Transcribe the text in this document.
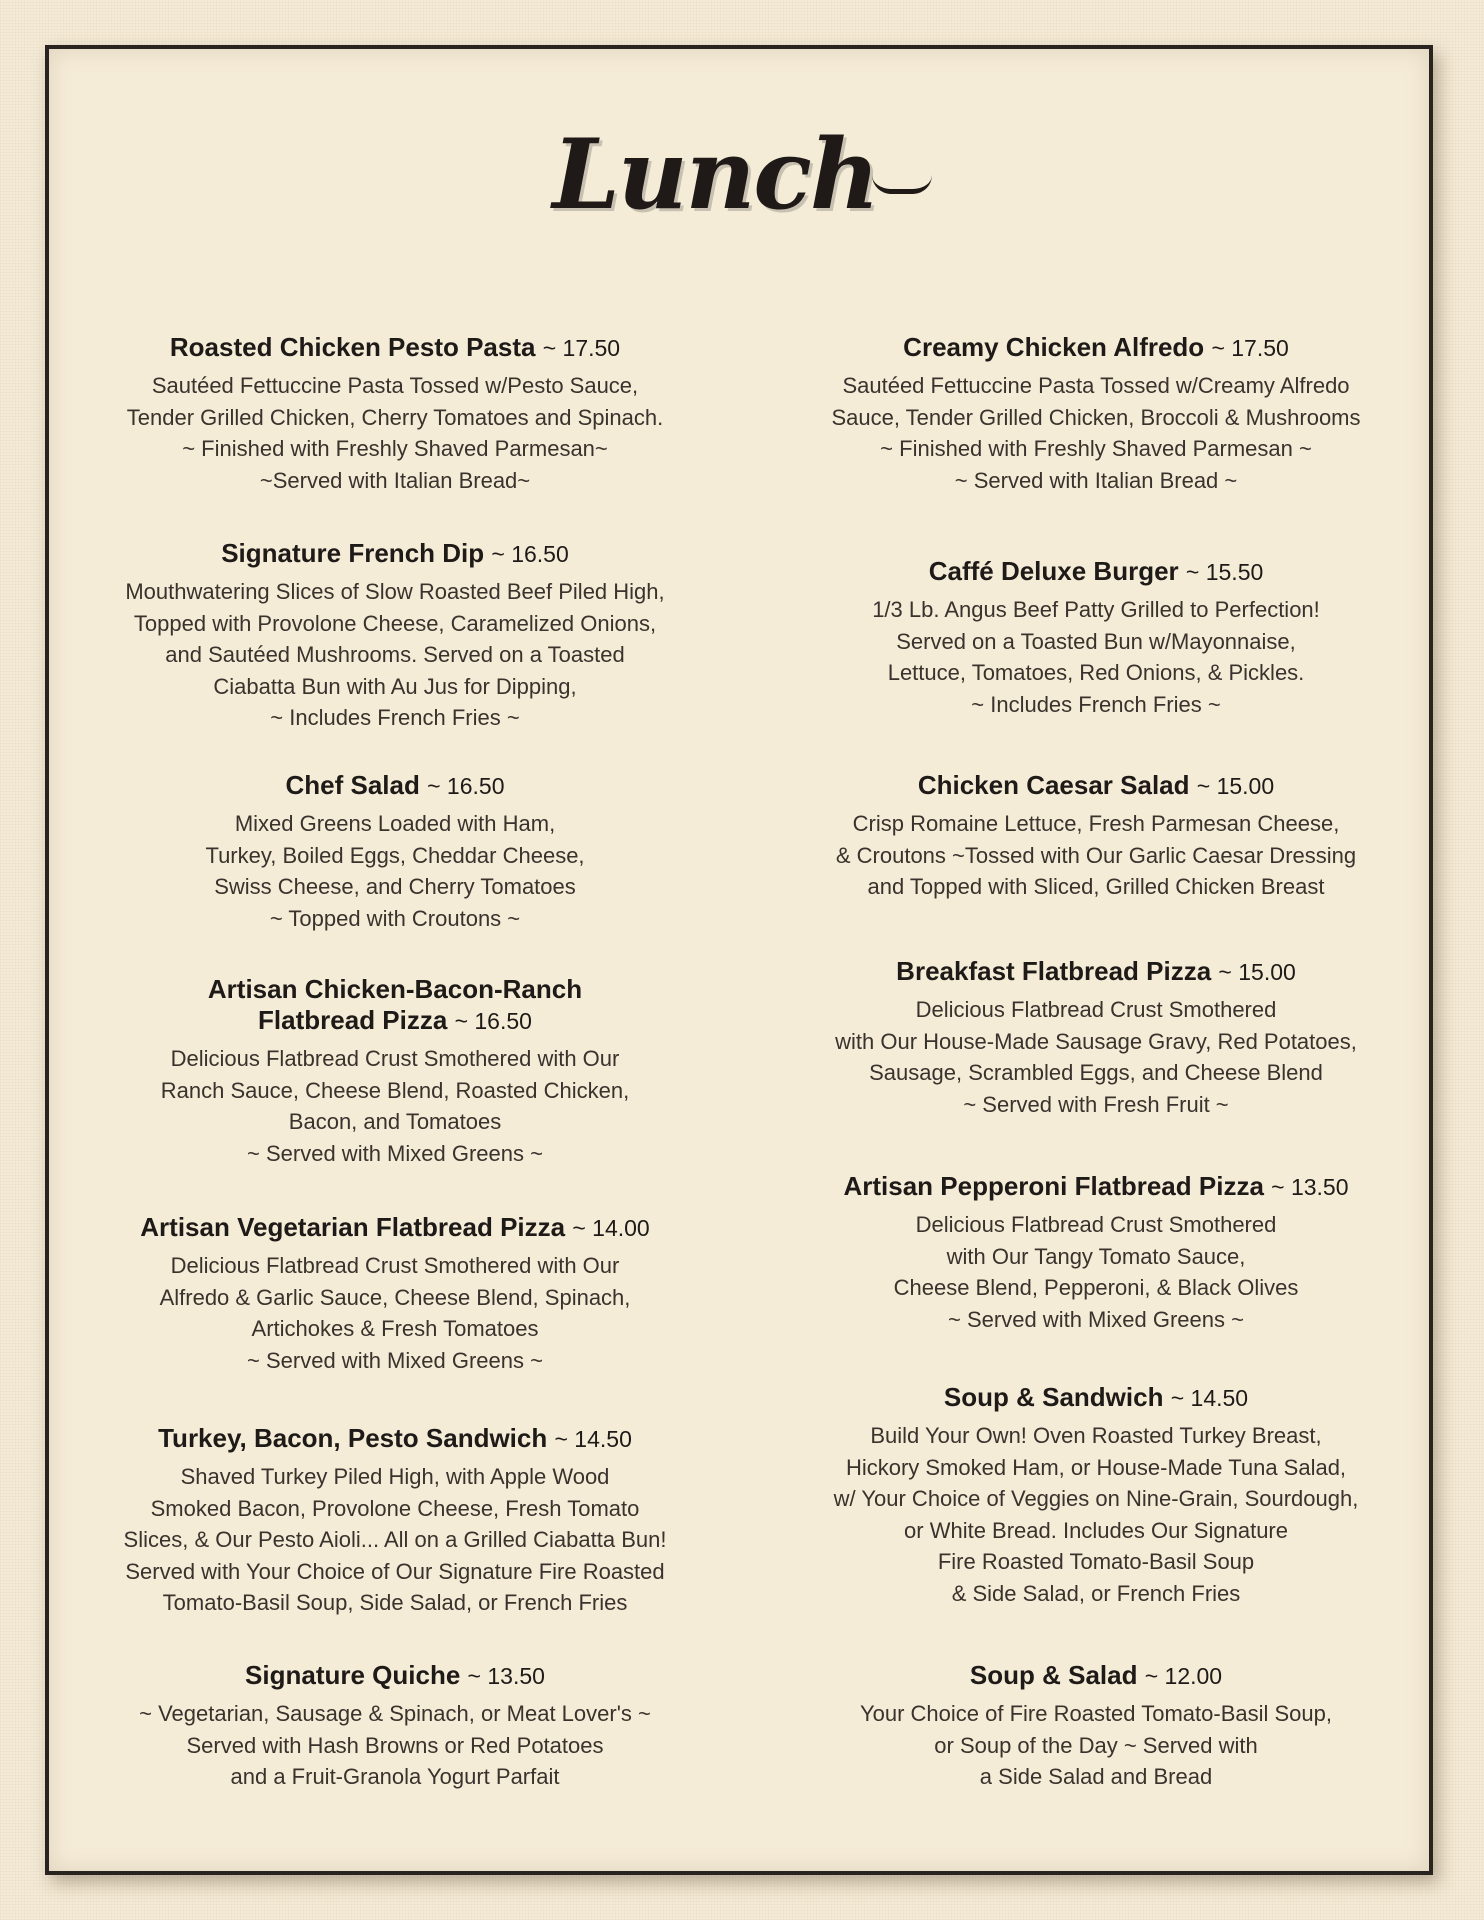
Lunch
Roasted Chicken Pesto Pasta ~ 17.50
Sautéed Fettuccine Pasta Tossed w/Pesto Sauce,
Tender Grilled Chicken, Cherry Tomatoes and Spinach.
~ Finished with Freshly Shaved Parmesan~
~Served with Italian Bread~
Signature French Dip ~ 16.50
Mouthwatering Slices of Slow Roasted Beef Piled High,
Topped with Provolone Cheese, Caramelized Onions,
and Sautéed Mushrooms. Served on a Toasted
Ciabatta Bun with Au Jus for Dipping,
~ Includes French Fries ~
Chef Salad ~ 16.50
Mixed Greens Loaded with Ham,
Turkey, Boiled Eggs, Cheddar Cheese,
Swiss Cheese, and Cherry Tomatoes
~ Topped with Croutons ~
Artisan Chicken-Bacon-Ranch
Flatbread Pizza ~ 16.50
Delicious Flatbread Crust Smothered with Our
Ranch Sauce, Cheese Blend, Roasted Chicken,
Bacon, and Tomatoes
~ Served with Mixed Greens ~
Artisan Vegetarian Flatbread Pizza ~ 14.00
Delicious Flatbread Crust Smothered with Our
Alfredo & Garlic Sauce, Cheese Blend, Spinach,
Artichokes & Fresh Tomatoes
~ Served with Mixed Greens ~
Turkey, Bacon, Pesto Sandwich ~ 14.50
Shaved Turkey Piled High, with Apple Wood
Smoked Bacon, Provolone Cheese, Fresh Tomato
Slices, & Our Pesto Aioli... All on a Grilled Ciabatta Bun!
Served with Your Choice of Our Signature Fire Roasted
Tomato-Basil Soup, Side Salad, or French Fries
Signature Quiche ~ 13.50
~ Vegetarian, Sausage & Spinach, or Meat Lover's ~
Served with Hash Browns or Red Potatoes
and a Fruit-Granola Yogurt Parfait
Creamy Chicken Alfredo ~ 17.50
Sautéed Fettuccine Pasta Tossed w/Creamy Alfredo
Sauce, Tender Grilled Chicken, Broccoli & Mushrooms
~ Finished with Freshly Shaved Parmesan ~
~ Served with Italian Bread ~
Caffé Deluxe Burger ~ 15.50
1/3 Lb. Angus Beef Patty Grilled to Perfection!
Served on a Toasted Bun w/Mayonnaise,
Lettuce, Tomatoes, Red Onions, & Pickles.
~ Includes French Fries ~
Chicken Caesar Salad ~ 15.00
Crisp Romaine Lettuce, Fresh Parmesan Cheese,
& Croutons ~Tossed with Our Garlic Caesar Dressing
and Topped with Sliced, Grilled Chicken Breast
Breakfast Flatbread Pizza ~ 15.00
Delicious Flatbread Crust Smothered
with Our House-Made Sausage Gravy, Red Potatoes,
Sausage, Scrambled Eggs, and Cheese Blend
~ Served with Fresh Fruit ~
Artisan Pepperoni Flatbread Pizza ~ 13.50
Delicious Flatbread Crust Smothered
with Our Tangy Tomato Sauce,
Cheese Blend, Pepperoni, & Black Olives
~ Served with Mixed Greens ~
Soup & Sandwich ~ 14.50
Build Your Own! Oven Roasted Turkey Breast,
Hickory Smoked Ham, or House-Made Tuna Salad,
w/ Your Choice of Veggies on Nine-Grain, Sourdough,
or White Bread. Includes Our Signature
Fire Roasted Tomato-Basil Soup
& Side Salad, or French Fries
Soup & Salad ~ 12.00
Your Choice of Fire Roasted Tomato-Basil Soup,
or Soup of the Day ~ Served with
a Side Salad and Bread
